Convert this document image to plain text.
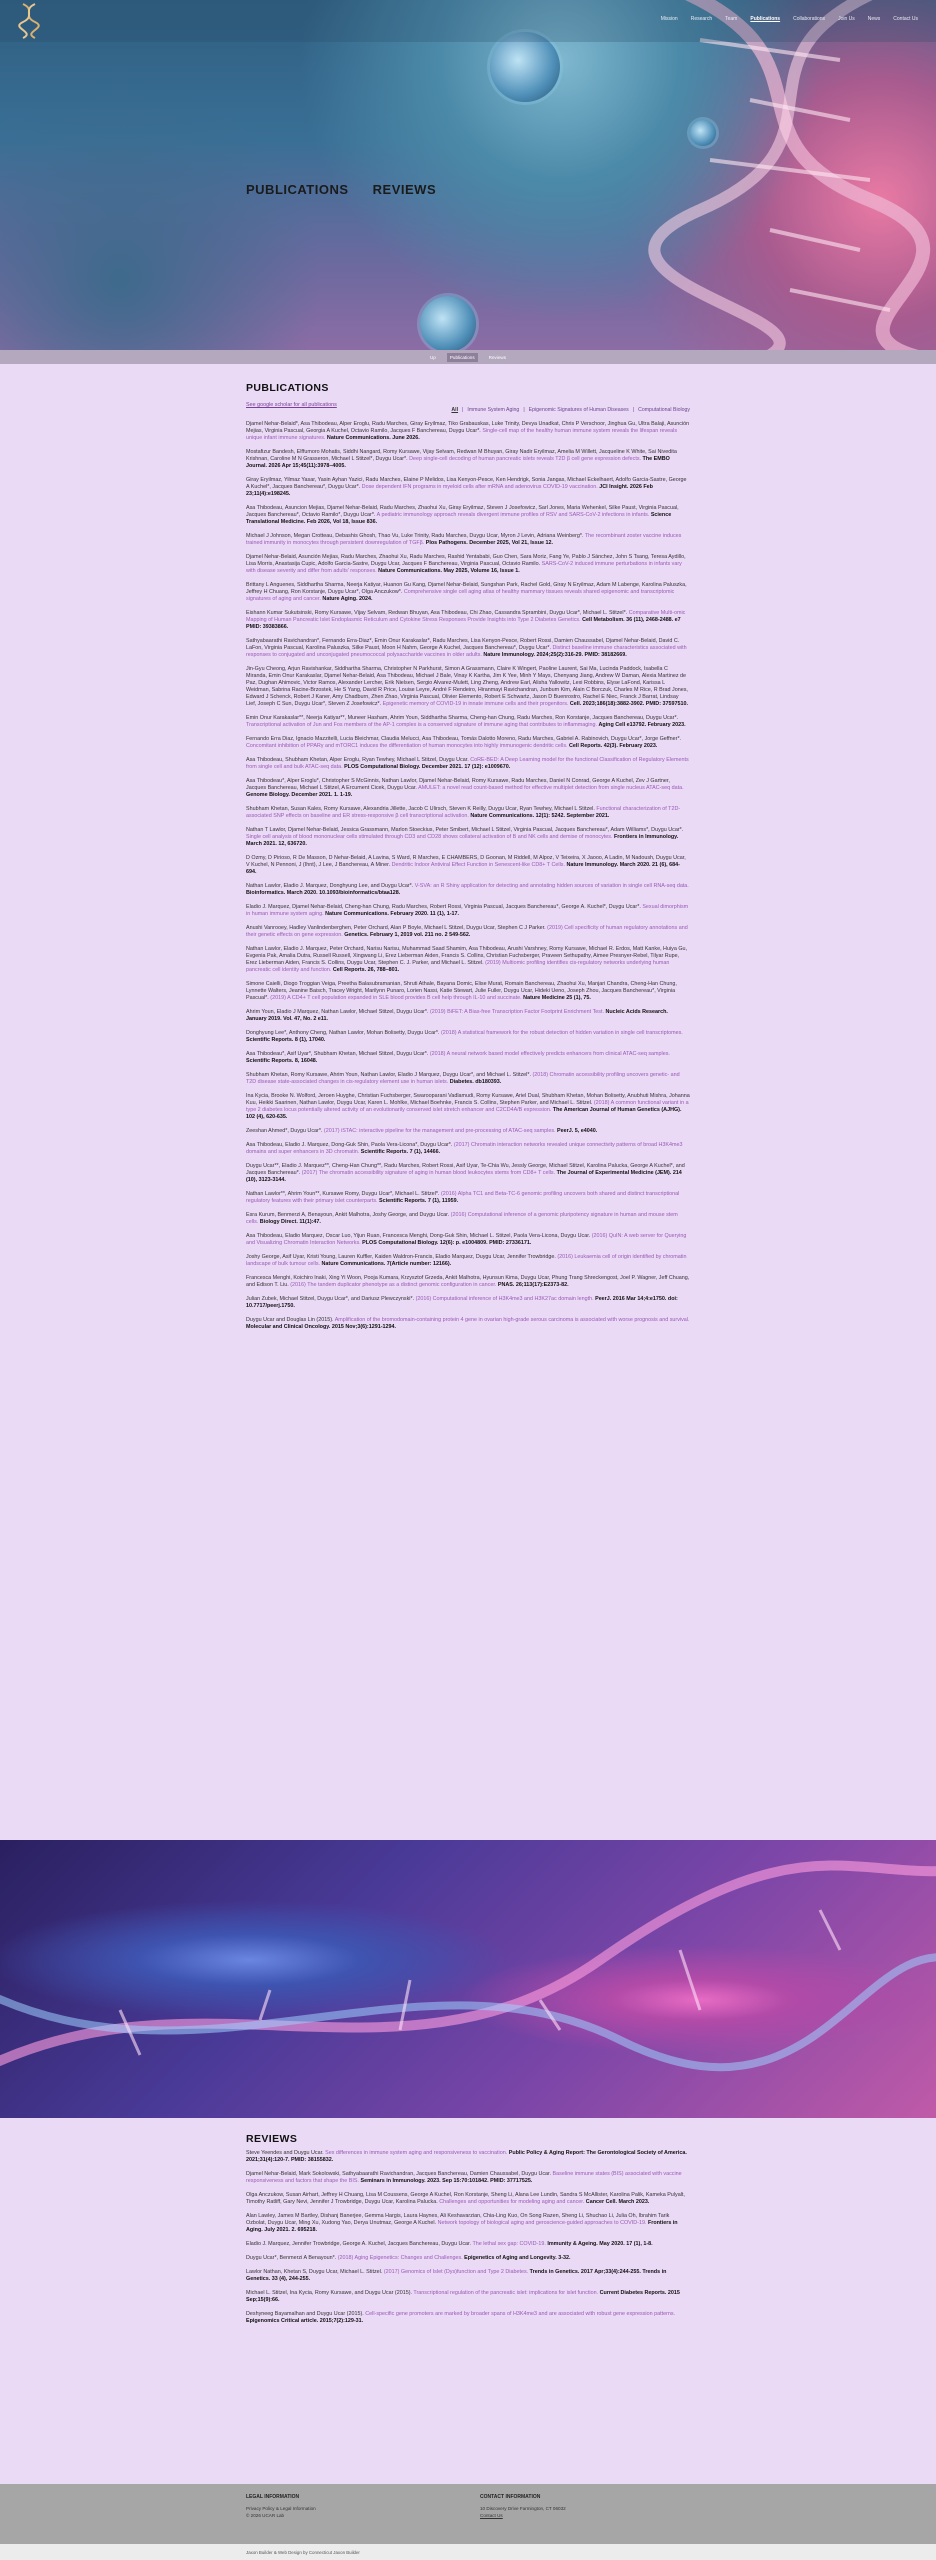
Mission	Research	Team	Publications	Collaborations	Join Us	News	Contact Us
PUBLICATIONS REVIEWS
Up	Publications	Reviews
PUBLICATIONS
See google scholar for all publications
All | Immune System Aging | Epigenomic Signatures of Human Diseases | Computational Biology
Djamel Nehar-Belaid*, Asa Thibodeau, Alper Eroglu, Radu Marches, Giray Eryilmaz, Tiko Grabauskas, Luke Trinity, Devya Unadkat, Chris P Verschoor, Jinghua Gu, Ultra Balaji, Asunción Mejias, Virginia Pascual, Georgia A Kuchel, Octavio Ramilo, Jacques F Banchereau, Duygu Ucar*. Single-cell map of the healthy human immune system reveals the lifespan reveals unique infant immune signatures. Nature Communications. June 2026.
Mostafizur Bandesh, Elffumoro Mohatis, Siddhi Nangard, Romy Kursawe, Vijay Selvam, Redwan M Bhuyan, Giray Nadir Eryilmaz, Amelia M Willett, Jacqueline K White, Sai Nivedita Krishnan, Caroline M N Grasseron, Michael L Stitzel*, Duygu Ucar*. Deep single-cell decoding of human pancreatic islets reveals T2D β cell gene expression defects. The EMBO Journal. 2026 Apr 15;45(11):3978–4005.
Giray Eryilmaz, Yilmaz Yasar, Yasin Ayhan Yazici, Radu Marches, Elaine P Melidos, Lisa Kenyon-Pesce, Ken Hendrigk, Sonia Jangas, Michael Eckelhaert, Adolfo Garcia-Sastre, George A Kuchel*, Jacques Banchereau*, Duygu Ucar*. Dose dependent IFN programs in myeloid cells after mRNA and adenovirus COVID-19 vaccination. JCI Insight. 2026 Feb 23;11(4):e198245.
Asa Thibodeau, Asuncion Mejias, Djamel Nehar-Belaid, Radu Marches, Zhaohui Xu, Giray Eryilmaz, Steven J Josefowicz, Sarl Jones, Maria Wehenkel, Silke Paust, Virginia Pascual, Jacques Banchereau*, Octavio Ramilo*, Duygu Ucar*. A pediatric immunology approach reveals divergent immune profiles of RSV and SARS-CoV-2 infections in infants. Science Translational Medicine. Feb 2026, Vol 18, Issue 836.
Michael J Johnson, Megan Crotteau, Debashis Ghosh, Thao Vu, Luke Trinity, Radu Marches, Duygu Ucar, Myron J Levin, Adriana Weinberg*. The recombinant zoster vaccine induces trained immunity in monocytes through persistent downregulation of TGFβ. Plos Pathogens. December 2025, Vol 21, Issue 12.
Djamel Nehar-Belaid, Asunción Mejías, Radu Marches, Zhaohui Xu, Radu Marches, Rashid Yentababi, Guo Chen, Sara Moriz, Fang Ye, Pablo J Sánchez, John S Tsang, Teresa Aydillo, Lisa Morris, Anastasija Cupic, Adolfo Garcia-Sastre, Duygu Ucar, Jacques F Banchereau, Virginia Pascual, Octavio Ramilo. SARS-CoV-2 induced immune perturbations in infants vary with disease severity and differ from adults' responses. Nature Communications. May 2025, Volume 16, Issue 1.
Brittany L Anguenes, Siddhartha Sharma, Neerja Katiyar, Huanon Gu Kang, Djamel Nehar-Belaid, Sungshan Park, Rachel Gold, Giray N Eryilmaz, Adam M Labenge, Karolina Paluszka, Jeffrey H Chuang, Ron Korstanje, Duygu Ucar*, Olga Anczukow*. Comprehensive single cell aging atlas of healthy mammary tissues reveals shared epigenomic and transcriptomic signatures of aging and cancer. Nature Aging. 2024.
Eishann Kumar Sukutsinski, Romy Kursawe, Vijay Selvam, Redwan Bhuyan, Asa Thibodeau, Chi Zhao, Cassandra Sprambini, Duygu Ucar*, Michael L. Stitzel*. Comparative Multi-omic Mapping of Human Pancreatic Islet Endoplasmic Reticulum and Cytokine Stress Responses Provide Insights into Type 2 Diabetes Genetics. Cell Metabolism. 36 (11), 2468-2488. e7 PMID: 39383866.
Sathyabaarathi Ravichandran*, Fernando Erra-Diaz*, Emin Onur Karakaslar*, Radu Marches, Lisa Kenyon-Pesce, Robert Rossi, Damien Chaussabel, Djamel Nehar-Belaid, David C. LaFon, Virginia Pascual, Karolina Paluszka, Silke Paust, Moon H Nahm, George A Kuchel, Jacques Banchereau*, Duygu Ucar*. Distinct baseline immune characteristics associated with responses to conjugated and unconjugated pneumococcal polysaccharide vaccines in older adults. Nature Immunology. 2024;25(2):316-29. PMID: 38182669.
Jin-Gyu Cheong, Arjun Ravishankar, Siddhartha Sharma, Christopher N Parkhurst, Simon A Grassmann, Claire K Wingert, Paoline Laurent, Sai Ma, Lucinda Paddock, Isabella C Miranda, Emin Onur Karakaslar, Djamel Nehar-Belaid, Asa Thibodeau, Michael J Bale, Vinay K Kartha, Jim K Yee, Minh Y Mays, Chenyang Jiang, Andrew W Daman, Alexia Martinez de Paz, Dughan Ahimovic, Victor Ramos, Alexander Lercher, Erik Nielsen, Sergio Alvarez-Mulett, Ling Zheng, Andrew Earl, Alisha Yallowitz, Lexi Robbins, Elyse LaFond, Karissa L Weidman, Sabrina Racine-Brzostek, He S Yang, David R Price, Louise Leyre, André F Rendeiro, Hiranmayi Ravichandran, Junbum Kim, Alain C Borczuk, Charles M Rice, R Brad Jones, Edward J Schenck, Robert J Kaner, Amy Chadburn, Zhen Zhao, Virginia Pascual, Olivier Elemento, Robert E Schwartz, Jason D Buenrostro, Rachel E Niec, Franck J Barrat, Lindsay Lief, Joseph C Sun, Duygu Ucar*, Steven Z Josefowicz*. Epigenetic memory of COVID-19 in innate immune cells and their progenitors. Cell. 2023;186(18):3882-3902. PMID: 37597510.
Emin Onur Karakaslar**, Neerja Katiyar**, Muneer Hasham, Ahrim Youn, Siddhartha Sharma, Cheng-han Chung, Radu Marches, Ron Korstanje, Jacques Banchereau, Duygu Ucar*. Transcriptional activation of Jun and Fos members of the AP-1 complex is a conserved signature of immune aging that contributes to inflammaging. Aging Cell e13792. February 2023.
Fernando Erra Diaz, Ignacio Mazzitelli, Lucia Bleichmar, Claudia Melucci, Asa Thibodeau, Tomás Dalotto Moreno, Radu Marches, Gabriel A. Rabinovich, Duygu Ucar*, Jorge Geffner*. Concomitant inhibition of PPARγ and mTORC1 induces the differentiation of human monocytes into highly immunogenic dendritic cells. Cell Reports. 42(3). February 2023.
Asa Thibodeau, Shubham Khetan, Alper Eroglu, Ryan Tewhey, Michael L Stitzel, Duygu Ucar. CoRE-BED: A Deep Learning model for the functional Classification of Regulatory Elements from single cell and bulk ATAC-seq data. PLOS Computational Biology. December 2021. 17 (12): e1009670.
Asa Thibodeau*, Alper Eroglu*, Christopher S McGinnis, Nathan Lawlor, Djamel Nehar-Belaid, Romy Kursawe, Radu Marches, Daniel N Conrad, George A Kuchel, Zev J Gartner, Jacques Banchereau, Michael L Stitzel, A Ercument Cicek, Duygu Ucar. AMULET: a novel read count-based method for effective multiplet detection from single nucleus ATAC-seq data. Genome Biology. December 2021. 1. 1-19.
Shubham Khetan, Susan Kales, Romy Kursawe, Alexandria Jillette, Jacob C Ulirsch, Steven K Reilly, Duygu Ucar, Ryan Tewhey, Michael L Stitzel. Functional characterization of T2D-associated SNP effects on baseline and ER stress-responsive β cell transcriptional activation. Nature Communications. 12(1): 5242. September 2021.
Nathan T Lawlor, Djamel Nehar-Belaid, Jessica Grassmann, Marlon Stoeckius, Peter Smibert, Michael L Stitzel, Virginia Pascual, Jacques Banchereau*, Adam Williams*, Duygu Ucar*. Single cell analysis of blood mononuclear cells stimulated through CD3 and CD28 shows collateral activation of B and NK cells and demise of monocytes. Frontiers in Immunology. March 2021. 12, 636720.
D Ozmy, D Pirioso, R De Masson, D Nehar-Belaid, A Lavina, S Ward, R Marches, E CHAMBERS, D Goonan, M Riddell, M Alpoz, V Teixeira, X Jaooo, A Ladin, M Nadoush, Duygu Ucar, V Kuchel, N Pennoni, J (Ihnt), J Lee, J Banchereau, A Miner. Dendritic Indoor Antiviral Effect Function in Senescent-like CD8+ T Cells. Nature Immunology. March 2020. 21 (6), 684-694.
Nathan Lawlor, Eladio J. Marquez, Donghyung Lee, and Duygu Ucar*. V-SVA: an R Shiny application for detecting and annotating hidden sources of variation in single cell RNA-seq data. Bioinformatics. March 2020. 10.1093/bioinformatics/btaa128.
Eladio J. Marquez, Djamel Nehar-Belaid, Cheng-han Chung, Radu Marches, Robert Rossi, Virginia Pascual, Jacques Banchereau*, George A. Kuchel*, Duygu Ucar*. Sexual dimorphism in human immune system aging. Nature Communications. February 2020. 11 (1), 1-17.
Anushi Vanrooey, Hadley Vanlindenberghen, Peter Orchard, Alan P Boyle, Michael L Stitzel, Duygu Ucar, Stephen C J Parker. (2019) Cell specificity of human regulatory annotations and their genetic effects on gene expression. Genetics. February 1, 2019 vol. 211 no. 2 549-562.
Nathan Lawlor, Eladio J. Marquez, Peter Orchard, Narisu Narisu, Muhammad Saad Shamim, Asa Thibodeau, Arushi Varshney, Romy Kursawe, Michael R. Erdos, Matt Kanke, Huiya Gu, Evgenia Pak, Amalia Dutra, Russell Russell, Xingwang Li, Erez Lieberman Aiden, Francis S. Collins, Christian Fuchsberger, Praveen Sethupathy, Aimee Presnyer-Rebel, Tilyar Rupe, Erez Lieberman Aiden, Francis S. Collins, Duygu Ucar, Stephen C. J. Parker, and Michael L. Stitzel. (2019) Multiomic profiling identifies cis-regulatory networks underlying human pancreatic cell identity and function. Cell Reports. 26, 788–801.
Simone Caielli, Diogo Troggian Veiga, Preetha Balasubramanian, Shruti Athale, Bayana Domic, Elise Murat, Romain Banchereau, Zhaohui Xu, Manjari Chandra, Cheng-Han Chung, Lynnette Walters, Jeanine Baisch, Tracey Wright, Marilynn Punaro, Lorien Nassi, Katie Stewart, Julie Fuller, Duygu Ucar, Hideki Ueno, Joseph Zhou, Jacques Banchereau*, Virginia Pascual*. (2019) A CD4+ T cell population expanded in SLE blood provides B cell help through IL-10 and succinate. Nature Medicine 25 (1), 75.
Ahrim Youn, Eladio J Marquez, Nathan Lawlor, Michael Stitzel, Duygu Ucar*. (2019) BiFET: A Bias-free Transcription Factor Footprint Enrichment Test. Nucleic Acids Research. January 2019. Vol. 47, No. 2 e11.
Donghyung Lee*, Anthony Cheng, Nathan Lawlor, Mohan Bolisetty, Duygu Ucar*. (2018) A statistical framework for the robust detection of hidden variation in single cell transcriptomes. Scientific Reports. 8 (1), 17040.
Asa Thibodeau*, Asif Uyar*, Shubham Khetan, Michael Stitzel, Duygu Ucar*. (2018) A neural network based model effectively predicts enhancers from clinical ATAC-seq samples. Scientific Reports. 8, 16048.
Shubham Khetan, Romy Kursawe, Ahrim Youn, Nathan Lawlor, Eladio J Marquez, Duygu Ucar*, and Michael L. Stitzel*. (2018) Chromatin accessibility profiling uncovers genetic- and T2D disease state-associated changes in cis-regulatory element use in human islets. Diabetes. db180393.
Ina Kycia, Brooke N. Wolford, Jeroen Huyghe, Christian Fuchsberger, Swarooparani Vadlamudi, Romy Kursawe, Ariel Dual, Shubham Khetan, Mohan Bolisetty, Anubhuti Mishra, Johanna Kuu, Heikki Saarinen, Nathan Lawlor, Duygu Ucar, Karen L. Mohlke, Michael Boehnke, Francis S. Collins, Stephen Parker, and Michael L. Stitzel. (2018) A common functional variant in a type 2 diabetes locus potentially altered activity of an evolutionarily conserved islet stretch enhancer and C2CD4A/B expression. The American Journal of Human Genetics (AJHG). 102 (4), 620-635.
Zeeshan Ahmed*, Duygu Ucar*. (2017) iSTAC: interactive pipeline for the management and pre-processing of ATAC-seq samples. PeerJ. 5, e4040.
Asa Thibodeau, Eladio J. Marquez, Dong-Guk Shin, Paola Vera-Licona*, Duygu Ucar*. (2017) Chromatin interaction networks revealed unique connectivity patterns of broad H3K4me3 domains and super enhancers in 3D chromatin. Scientific Reports. 7 (1), 14466.
Duygu Ucar**, Eladio J. Marquez**, Cheng-Han Chung**, Radu Marches, Robert Rossi, Asif Uyar, Te-Chia Wu, Jessly George, Michael Stitzel, Karolina Palucka, George A Kuchel*, and Jacques Banchereau*. (2017) The chromatin accessibility signature of aging in human blood leukocytes stems from CD8+ T cells. The Journal of Experimental Medicine (JEM). 214 (10), 3123-3144.
Nathan Lawlor**, Ahrim Youn**, Kursawe Romy, Duygu Ucar*, Michael L. Stitzel*. (2016) Alpha TC1 and Beta-TC-6 genomic profiling uncovers both shared and distinct transcriptional regulatory features with their primary islet counterparts. Scientific Reports. 7 (1), 11959.
Esra Kurum, Benmerzi A, Benayoun, Ankit Malhotra, Joshy George, and Duygu Ucar. (2016) Computational inference of a genomic pluripotency signature in human and mouse stem cells. Biology Direct. 11(1):47.
Asa Thibodeau, Eladio Marquez, Oscar Luo, Yijun Ruan, Francesca Menghi, Dong-Guk Shin, Michael L. Stitzel, Paola Vera-Licona, Duygu Ucar. (2016) QuIN: A web server for Querying and Visualizing Chromatin Interaction Networks. PLOS Computational Biology. 12(6): p. e1004809. PMID: 27336171.
Joshy George, Asif Uyar, Kristi Young, Lauren Kuffler, Kaiden Waldron-Francis, Eladio Marquez, Duygu Ucar, Jennifer Trowbridge. (2016) Leukaemia cell of origin identified by chromatin landscape of bulk tumour cells. Nature Communications. 7(Article number: 12166).
Francesca Menghi, Koichiro Inaki, Xing Yi Woon, Pooja Kumara, Krzysztof Grzeda, Ankit Malhotra, Hyunsun Kima, Duygu Ucar, Phung Trang Shreckengost, Joel P. Wagner, Jeff Chuang, and Edison T. Liu. (2016) The tandem duplicator phenotype as a distinct genomic configuration in cancer. PNAS. 26;113(17):E2373-82.
Julian Zubek, Michael Stitzel, Duygu Ucar*, and Dariusz Plewczynski*. (2016) Computational inference of H3K4me3 and H3K27ac domain length. PeerJ. 2016 Mar 14;4:e1750. doi: 10.7717/peerj.1750.
Duygu Ucar and Douglas Lin (2015). Amplification of the bromodomain-containing protein 4 gene in ovarian high-grade serous carcinoma is associated with worse prognosis and survival. Molecular and Clinical Oncology. 2015 Nov;3(6):1291-1294.
REVIEWS
Steve Yeendes and Duygu Ucar. Sex differences in immune system aging and responsiveness to vaccination. Public Policy & Aging Report: The Gerontological Society of America. 2021;31(4):120-7. PMID: 38155832.
Djamel Nehar-Belaid, Mark Sokolowski, Sathyabaarathi Ravichandran, Jacques Banchereau, Damien Chaussabel, Duygu Ucar. Baseline immune states (BIS) associated with vaccine responsiveness and factors that shape the BIS. Seminars in Immunology. 2023. Sep 15:70:101842. PMID: 37717525.
Olga Anczukow, Susan Airhart, Jeffrey H Chuang, Lisa M Coussens, George A Kuchel, Ron Korstanje, Sheng Li, Alana Lee Lundin, Sandra S McAllister, Karolina Palik, Kameka Pulyalt, Timothy Ratliff, Gary Nevi, Jennifer J Trowbridge, Duygu Ucar, Karolina Palucka. Challenges and opportunities for modeling aging and cancer. Cancer Cell. March 2023.
Alan Lawley, James M Bartley, Dishanj Banerjee, Gemma Hargis, Laura Haynes, Ali Keshavarzian, Chia-Ling Kuo, On Song Razen, Sheng Li, Shuchao Li, Julia Oh, Ibrahim Tarik Ozbolat, Duygu Ucar, Ming Xu, Xudong Yao, Derya Unutmaz, George A Kuchel. Network topology of biological aging and geroscience-guided approaches to COVID-19. Frontiers in Aging. July 2021. 2. 695218.
Eladio J. Marquez, Jennifer Trowbridge, George A. Kuchel, Jacques Banchereau, Duygu Ucar. The lethal sex gap: COVID-19. Immunity & Ageing. May 2020. 17 (1), 1-8.
Duygu Ucar*, Benmerzi A Benayoun*. (2018) Aging Epigenetics: Changes and Challenges. Epigenetics of Aging and Longevity. 3-32.
Lawlor Nathan, Khetan S, Duygu Ucar, Michael L. Stitzel. (2017) Genomics of Islet (Dys)function and Type 2 Diabetes. Trends in Genetics. 2017 Apr;33(4):244-255. Trends in Genetics. 33 (4), 244-255.
Michael L. Stitzel, Ina Kycia, Romy Kursawe, and Duygu Ucar (2015). Transcriptional regulation of the pancreatic islet: implications for islet function. Current Diabetes Reports. 2015 Sep;15(9):66.
Deshyneeg Bayamalhan and Duygu Ucar (2015). Cell-specific gene promoters are marked by broader spans of H3K4me3 and are associated with robust gene expression patterns. Epigenomics Critical article. 2015;7(2):129-31.
LEGAL INFORMATION
Privacy Policy & Legal Information
© 2026 UCAR Lab
CONTACT INFORMATION
10 Discovery Drive Farmington, CT 06032
Contact Us
Jaxon Builder & Web Design by Connecticut Jaxon Builder
